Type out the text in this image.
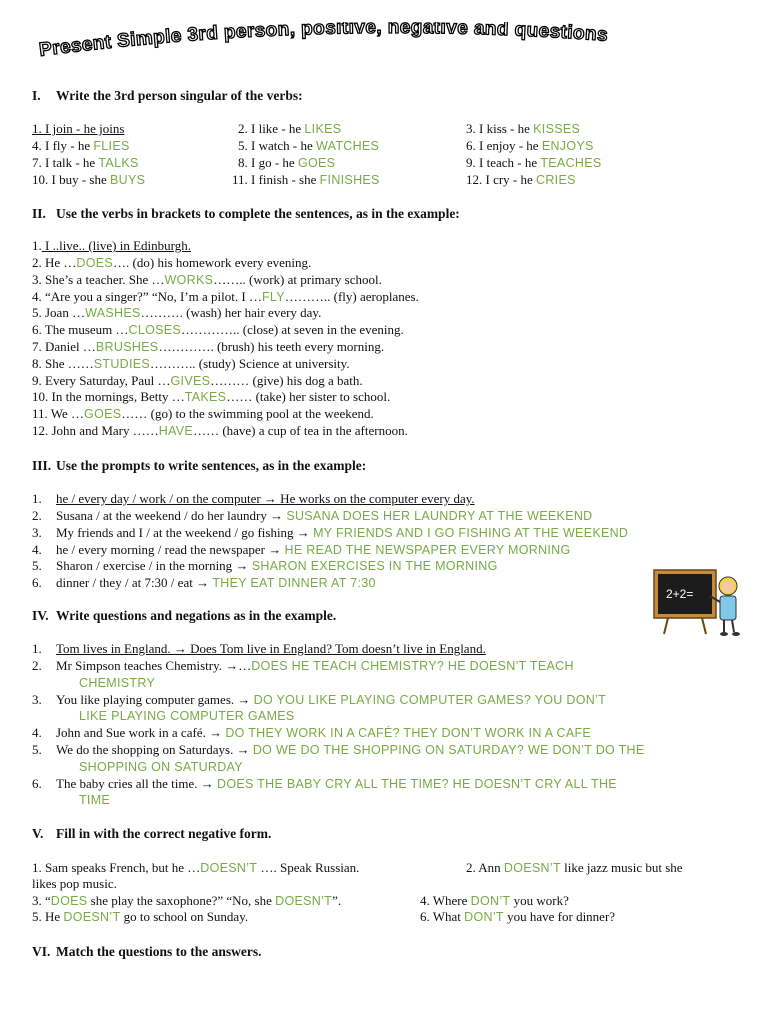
Present Simple 3rd person, positive, negative and questions
I. Write the 3rd person singular of the verbs:
1. I join - he joins	2. I like - he LIKES	3. I kiss - he KISSES
4. I fly - he FLIES	5. I watch - he WATCHES	6. I enjoy - he ENJOYS
7. I talk - he TALKS	8. I go - he GOES	9. I teach - he TEACHES
10. I buy - she BUYS	11. I finish - she FINISHES	12. I cry - he CRIES
II. Use the verbs in brackets to complete the sentences, as in the example:
1. I ..live.. (live) in Edinburgh.
2. He …DOES…. (do) his homework every evening.
3. She’s a teacher. She …WORKS…….. (work) at primary school.
4. “Are you a singer?” “No, I’m a pilot. I …FLY……….. (fly) aeroplanes.
5. Joan …WASHES………. (wash) her hair every day.
6. The museum …CLOSES………….. (close) at seven in the evening.
7. Daniel …BRUSHES…………. (brush) his teeth every morning.
8. She ……STUDIES……….. (study) Science at university.
9. Every Saturday, Paul …GIVES……… (give) his dog a bath.
10. In the mornings, Betty …TAKES…… (take) her sister to school.
11. We …GOES…… (go) to the swimming pool at the weekend.
12. John and Mary ……HAVE…… (have) a cup of tea in the afternoon.
III. Use the prompts to write sentences, as in the example:
1. he / every day / work / on the computer → He works on the computer every day.
2. Susana / at the weekend / do her laundry → SUSANA DOES HER LAUNDRY AT THE WEEKEND
3. My friends and I / at the weekend / go fishing → MY FRIENDS AND I GO FISHING AT THE WEEKEND
4. he / every morning / read the newspaper → HE READ THE NEWSPAPER EVERY MORNING
5. Sharon / exercise / in the morning → SHARON EXERCISES IN THE MORNING
6. dinner / they / at 7:30 / eat → THEY EAT DINNER AT 7:30
2+2=
IV. Write questions and negations as in the example.
1. Tom lives in England. → Does Tom live in England? Tom doesn’t live in England.
2. Mr Simpson teaches Chemistry. →…DOES HE TEACH CHEMISTRY? HE DOESN’T TEACH
CHEMISTRY
3. You like playing computer games. → DO YOU LIKE PLAYING COMPUTER GAMES? YOU DON’T
LIKE PLAYING COMPUTER GAMES
4. John and Sue work in a café. → DO THEY WORK IN A CAFÉ? THEY DON’T WORK IN A CAFE
5. We do the shopping on Saturdays. → DO WE DO THE SHOPPING ON SATURDAY? WE DON’T DO THE
SHOPPING ON SATURDAY
6. The baby cries all the time. → DOES THE BABY CRY ALL THE TIME? HE DOESN’T CRY ALL THE
TIME
V. Fill in with the correct negative form.
1. Sam speaks French, but he …DOESN’T …. Speak Russian.	2. Ann DOESN’T like jazz music but she
likes pop music.
3. “DOES she play the saxophone?” “No, she DOESN’T”.	4. Where DON’T you work?
5. He DOESN’T go to school on Sunday.	6. What DON’T you have for dinner?
VI. Match the questions to the answers.
